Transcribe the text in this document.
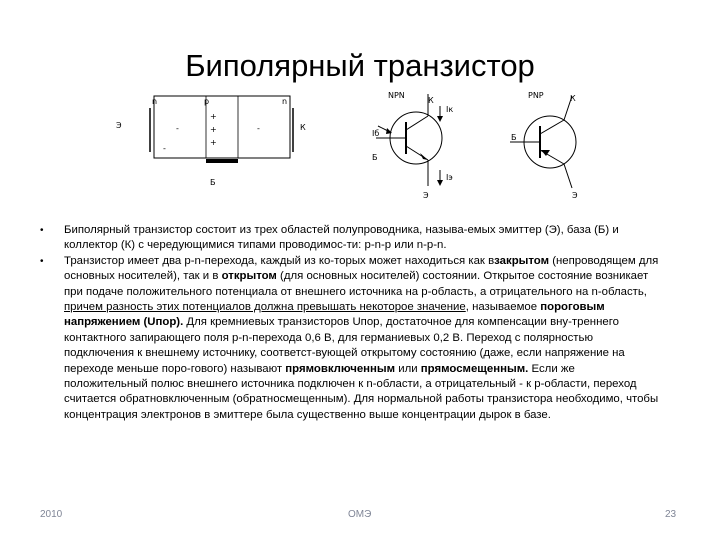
Биполярный транзистор
n	p	n
Э	К
Б
-
-
-
+
+
+
NPN
К
Iк
Iб
Б
Iэ
Э
PNP	К
Б
Э
• Биполярный транзистор состоит из трех областей полупроводника, называ-емых эмиттер (Э), база (Б) и коллектор (К) с чередующимися типами проводимос-ти: p-n-p или n-p-n.
• Транзистор имеет два p-n-перехода, каждый из ко-торых может находиться как взакрытом (непроводящем для основных носителей), так и в открытом (для основных носителей) состоянии. Открытое состояние возникает при подаче положительного потенциала от внешнего источника на p-область, а отрицательного на n-область, причем разность этих потенциалов должна превышать некоторое значение, называемое пороговым напряжением (Uпор). Для кремниевых транзисторов Uпор, достаточное для компенсации вну-треннего контактного запирающего поля p-n-перехода 0,6 В, для германиевых 0,2 В. Переход с полярностью подключения к внешнему источнику, соответст-вующей открытому состоянию (даже, если напряжение на переходе меньше поро-гового) называют прямовключенным или прямосмещенным. Если же положительный полюс внешнего источника подключен к n-области, а отрицательный - к p-области, переход считается обратновключенным (обратносмещенным). Для нормальной работы транзистора необходимо, чтобы концентрация электронов в эмиттере была существенно выше концентрации дырок в базе.
2010	ОМЭ	23
